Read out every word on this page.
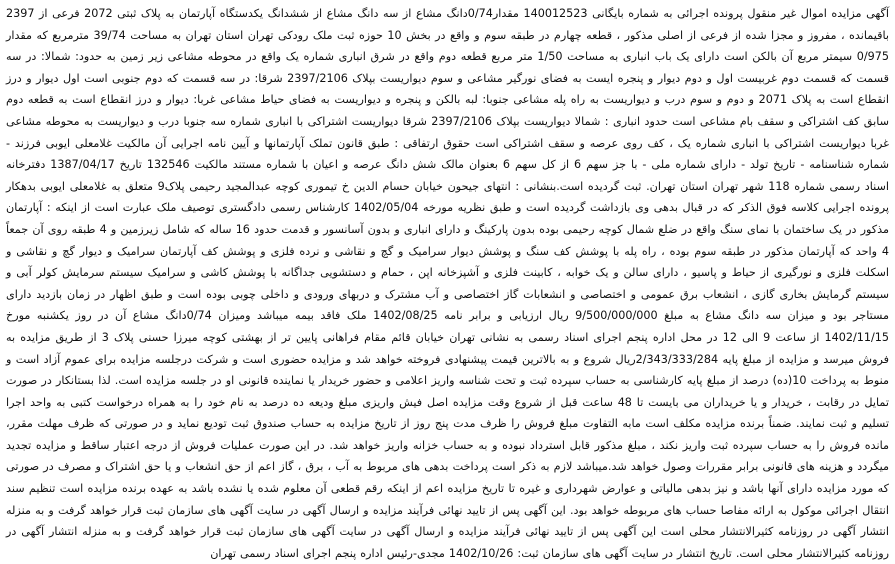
آگهی مزایده اموال غیر منقول پرونده اجرائی به شماره بایگانی 140012523 مقدار0/74دانگ مشاع از سه دانگ مشاع از ششدانگ یکدستگاه آپارتمان به پلاک ثبتی 2072 فرعی از 2397 باقیمانده ، مفروز و مجزا شده از فرعی از اصلی مذکور ، قطعه چهارم در طبقه سوم و واقع در بخش 10 حوزه ثبت ملک رودکی تهران استان تهران به مساحت 39/74 مترمربع که مقدار 0/975 سیمتر مربع آن بالکن است دارای یک باب انباری به مساحت 1/50 متر مربع قطعه دوم واقع در شرق انباری شماره یک واقع در محوطه مشاعی زیر زمین به حدود: شمالا: در سه قسمت که قسمت دوم غربیست اول و دوم دیوار و پنجره ایست به فضای نورگیر مشاعی و سوم دیواریست بپلاک 2397/2106 شرقا: در سه قسمت که دوم جنوبی است اول دیوار و درز انقطاع است به پلاک 2071 و دوم و سوم درب و دیواریست به راه پله مشاعی جنوبا: لبه بالکن و پنجره و دیواریست به فضای حیاط مشاعی غربا: دیوار و درز انقطاع است به قطعه دوم سابق کف اشتراکی و سقف بام مشاعی است حدود انباری : شمالا دیواریست بپلاک 2397/2106 شرقا دیواریست اشتراکی با انباری شماره سه جنوبا درب و دیواریست به محوطه مشاعی غربا دیواریست اشتراکی با انباری شماره یک ، کف روی عرصه و سقف اشتراکی است حقوق ارتفاقی : طبق قانون تملک آپارتمانها و آیین نامه اجرایی آن مالکیت غلامعلی ایوبی فرزند - شماره شناسنامه - تاریخ تولد - دارای شماره ملی - با جز سهم 6 از کل سهم 6 بعنوان مالک شش دانگ عرصه و اعیان با شماره مستند مالکیت 132546 تاریخ 1387/04/17 دفترخانه اسناد رسمی شماره 118 شهر تهران استان تهران. ثبت گردیده است.بنشانی : انتهای جیحون خیابان حسام الدین خ تیموری کوچه عبدالمجید رحیمی پلاک9 متعلق به غلامعلی ایوبی بدهکار پرونده اجرایی کلاسه فوق الذکر که در قبال بدهی وی بازداشت گردیده است و طبق نظریه مورخه 1402/05/04 کارشناس رسمی دادگستری توصیف ملک عبارت است از اینکه : آپارتمان مذکور در یک ساختمان با نمای سنگ واقع در ضلع شمال کوچه رحیمی بوده بدون پارکینگ و دارای انباری و بدون آسانسور و قدمت حدود 16 ساله که شامل زیرزمین و 4 طبقه روی آن جمعاً 4 واحد که آپارتمان مذکور در طبقه سوم بوده ، راه پله با پوشش کف سنگ و پوشش دیوار سرامیک و گچ و نقاشی و نرده فلزی و پوشش کف آپارتمان سرامیک و دیوار گچ و نقاشی و اسکلت فلزی و نورگیری از حیاط و پاسیو ، دارای سالن و یک خوابه ، کابینت فلزی و آشپزخانه اپن ، حمام و دستشویی جداگانه با پوشش کاشی و سرامیک سیستم سرمایش کولر آبی و سیستم گرمایش بخاری گازی ، انشعاب برق عمومی و اختصاصی و انشعابات گاز اختصاصی و آب مشترک و دربهای ورودی و داخلی چوبی بوده است و طبق اظهار در زمان بازدید دارای مستاجر بود و میزان سه دانگ مشاع به مبلغ 9/500/000/000 ریال ارزیابی و برابر نامه 1402/08/25 ملک فاقد بیمه میباشد ومیزان 0/74دانگ مشاع آن در روز یکشنبه مورخ 1402/11/15 از ساعت 9 الی 12 در محل اداره پنجم اجرای اسناد رسمی به نشانی تهران خیابان قائم مقام فراهانی پایین تر از بهشتی کوچه میرزا حسنی پلاک 3 از طریق مزایده به فروش میرسد و مزایده از مبلغ پایه 2/343/333/284ریال شروع و به بالاترین قیمت پیشنهادی فروخته خواهد شد و مزایده حضوری است و شرکت درجلسه مزایده برای عموم آزاد است و منوط به پرداخت 10(ده) درصد از مبلغ پایه کارشناسی به حساب سپرده ثبت و تحت شناسه واریز اعلامی و حضور خریدار یا نماینده قانونی او در جلسه مزایده است. لذا بستانکار در صورت تمایل در رقابت ، خریدار و یا خریداران می بایست تا 48 ساعت قبل از شروع وقت مزایده اصل فیش واریزی مبلغ ودیعه ده درصد به نام خود را به همراه درخواست کتبی به واحد اجرا تسلیم و ثبت نمایند. ضمناً برنده مزایده مکلف است مابه التفاوت مبلغ فروش را ظرف مدت پنج روز از تاریخ مزایده به حساب صندوق ثبت تودیع نماید و در صورتی که ظرف مهلت مقرر، مانده فروش را به حساب سپرده ثبت واریز نکند ، مبلغ مذکور قابل استرداد نبوده و به حساب خزانه واریز خواهد شد. در این صورت عملیات فروش از درجه اعتبار ساقط و مزایده تجدید میگردد و هزینه های قانونی برابر مقررات وصول خواهد شد.میباشد لازم به ذکر است پرداخت بدهی های مربوط به آب ، برق ، گاز اعم از حق انشعاب و یا حق اشتراک و مصرف در صورتی که مورد مزایده دارای آنها باشد و نیز بدهی مالیاتی و عوارض شهرداری و غیره تا تاریخ مزایده اعم از اینکه رقم قطعی آن معلوم شده یا نشده باشد به عهده برنده مزایده است تنظیم سند انتقال اجرائی موکول به ارائه مفاصا حساب های مربوطه خواهد بود. این آگهی پس از تایید نهائی فرآیند مزایده و ارسال آگهی در سایت آگهی های سازمان ثبت قرار خواهد گرفت و به منزله انتشار آگهی در روزنامه کثیرالانتشار محلی است این آگهی پس از تایید نهائی فرآیند مزایده و ارسال آگهی در سایت آگهی های سازمان ثبت قرار خواهد گرفت و به منزله انتشار آگهی در روزنامه کثیرالانتشار محلی است. تاریخ انتشار در سایت آگهی های سازمان ثبت: 1402/10/26 مجدی-رئیس اداره پنجم اجرای اسناد رسمی تهران
